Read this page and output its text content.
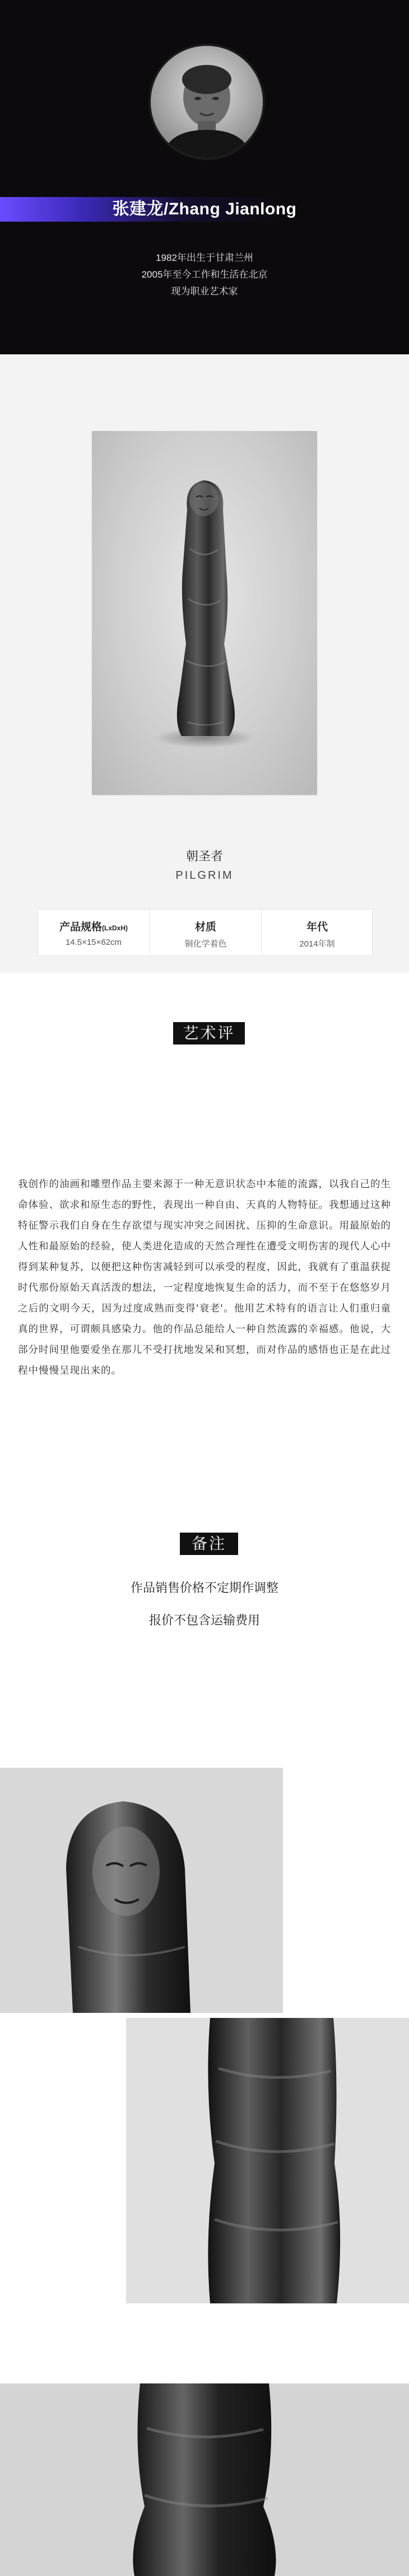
张建龙/Zhang Jianlong
1982年出生于甘肃兰州
2005年至今工作和生活在北京
现为职业艺术家
朝圣者
PILGRIM
产品规格(LxDxH)
14.5×15×62cm
材质
铜化学着色
年代
2014年制
艺术评价
我创作的油画和雕塑作品主要来源于一种无意识状态中本能的流露，以我自己的生命体验、欲求和原生态的野性，表现出一种自由、天真的人物特征。我想通过这种特征警示我们自身在生存欲望与现实冲突之间困扰、压抑的生命意识。用最原始的人性和最原始的经验，使人类进化造成的天然合理性在遭受文明伤害的现代人心中得到某种复苏，以便把这种伤害减轻到可以承受的程度，因此，我就有了重温获捉时代那份原始天真活泼的想法，一定程度地恢复生命的活力，而不至于在悠悠岁月之后的文明今天，因为过度成熟而变得'衰老'。他用艺术特有的语言让人们重归童真的世界，可谓颇具感染力。他的作品总能给人一种自然流露的幸福感。他说，大部分时间里他要爱坐在那儿不受打扰地发呆和冥想，而对作品的感悟也正是在此过程中慢慢呈现出来的。
备注
作品销售价格不定期作调整
报价不包含运输费用
